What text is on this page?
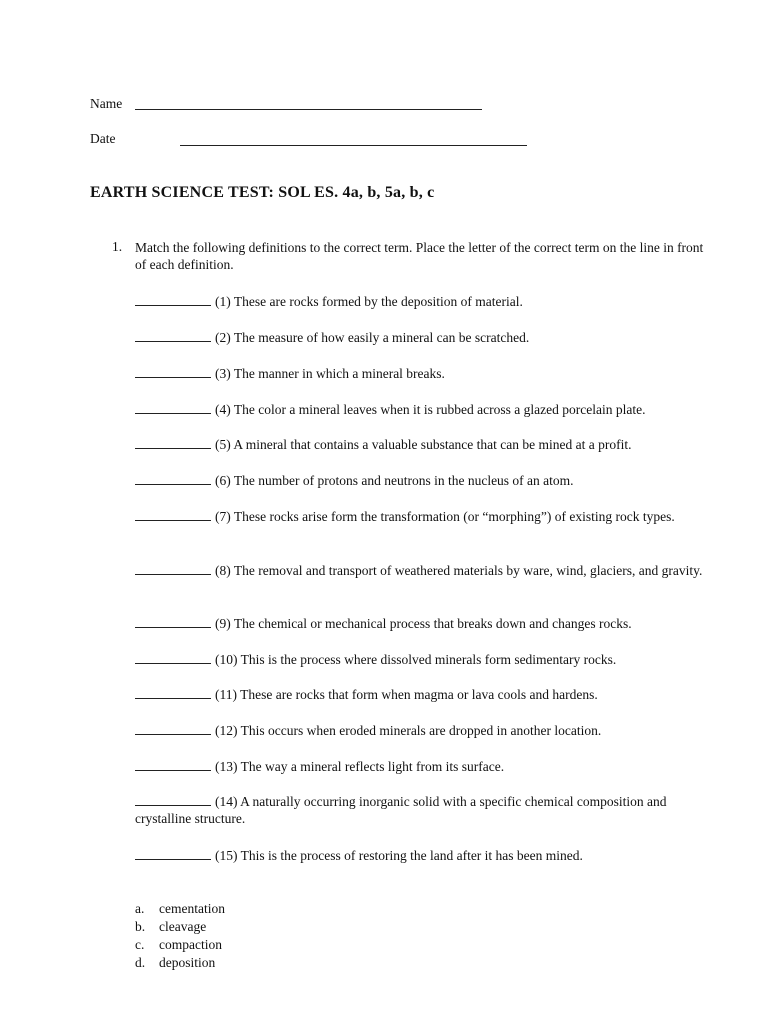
Name
Date
EARTH SCIENCE TEST: SOL ES. 4a, b, 5a, b, c
1. Match the following definitions to the correct term. Place the letter of the correct term on the line in front of each definition.
(1) These are rocks formed by the deposition of material.
(2) The measure of how easily a mineral can be scratched.
(3) The manner in which a mineral breaks.
(4) The color a mineral leaves when it is rubbed across a glazed porcelain plate.
(5) A mineral that contains a valuable substance that can be mined at a profit.
(6) The number of protons and neutrons in the nucleus of an atom.
(7) These rocks arise form the transformation (or “morphing”) of existing rock types.
(8) The removal and transport of weathered materials by ware, wind, glaciers, and gravity.
(9) The chemical or mechanical process that breaks down and changes rocks.
(10) This is the process where dissolved minerals form sedimentary rocks.
(11) These are rocks that form when magma or lava cools and hardens.
(12) This occurs when eroded minerals are dropped in another location.
(13) The way a mineral reflects light from its surface.
(14) A naturally occurring inorganic solid with a specific chemical composition and crystalline structure.
(15) This is the process of restoring the land after it has been mined.
a. cementation
b. cleavage
c. compaction
d. deposition
